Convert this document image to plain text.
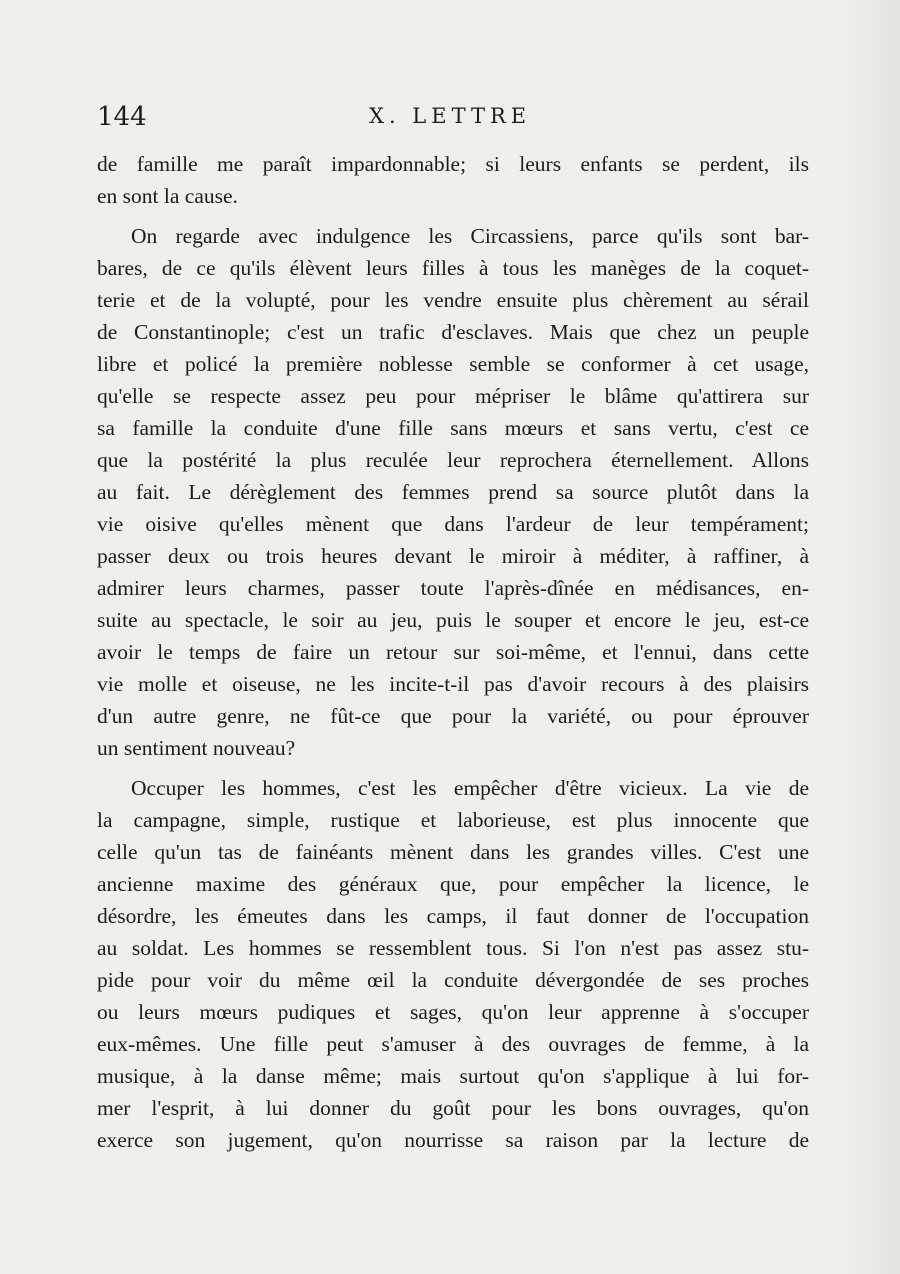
144	X. LETTRE
de famille me paraît impardonnable; si leurs enfants se perdent, ils
en sont la cause.
On regarde avec indulgence les Circassiens, parce qu'ils sont bar-
bares, de ce qu'ils élèvent leurs filles à tous les manèges de la coquet-
terie et de la volupté, pour les vendre ensuite plus chèrement au sérail
de Constantinople; c'est un trafic d'esclaves. Mais que chez un peuple
libre et policé la première noblesse semble se conformer à cet usage,
qu'elle se respecte assez peu pour mépriser le blâme qu'attirera sur
sa famille la conduite d'une fille sans mœurs et sans vertu, c'est ce
que la postérité la plus reculée leur reprochera éternellement. Allons
au fait. Le dérèglement des femmes prend sa source plutôt dans la
vie oisive qu'elles mènent que dans l'ardeur de leur tempérament;
passer deux ou trois heures devant le miroir à méditer, à raffiner, à
admirer leurs charmes, passer toute l'après-dînée en médisances, en-
suite au spectacle, le soir au jeu, puis le souper et encore le jeu, est-ce
avoir le temps de faire un retour sur soi-même, et l'ennui, dans cette
vie molle et oiseuse, ne les incite-t-il pas d'avoir recours à des plaisirs
d'un autre genre, ne fût-ce que pour la variété, ou pour éprouver
un sentiment nouveau?
Occuper les hommes, c'est les empêcher d'être vicieux. La vie de
la campagne, simple, rustique et laborieuse, est plus innocente que
celle qu'un tas de fainéants mènent dans les grandes villes. C'est une
ancienne maxime des généraux que, pour empêcher la licence, le
désordre, les émeutes dans les camps, il faut donner de l'occupation
au soldat. Les hommes se ressemblent tous. Si l'on n'est pas assez stu-
pide pour voir du même œil la conduite dévergondée de ses proches
ou leurs mœurs pudiques et sages, qu'on leur apprenne à s'occuper
eux-mêmes. Une fille peut s'amuser à des ouvrages de femme, à la
musique, à la danse même; mais surtout qu'on s'applique à lui for-
mer l'esprit, à lui donner du goût pour les bons ouvrages, qu'on
exerce son jugement, qu'on nourrisse sa raison par la lecture de
